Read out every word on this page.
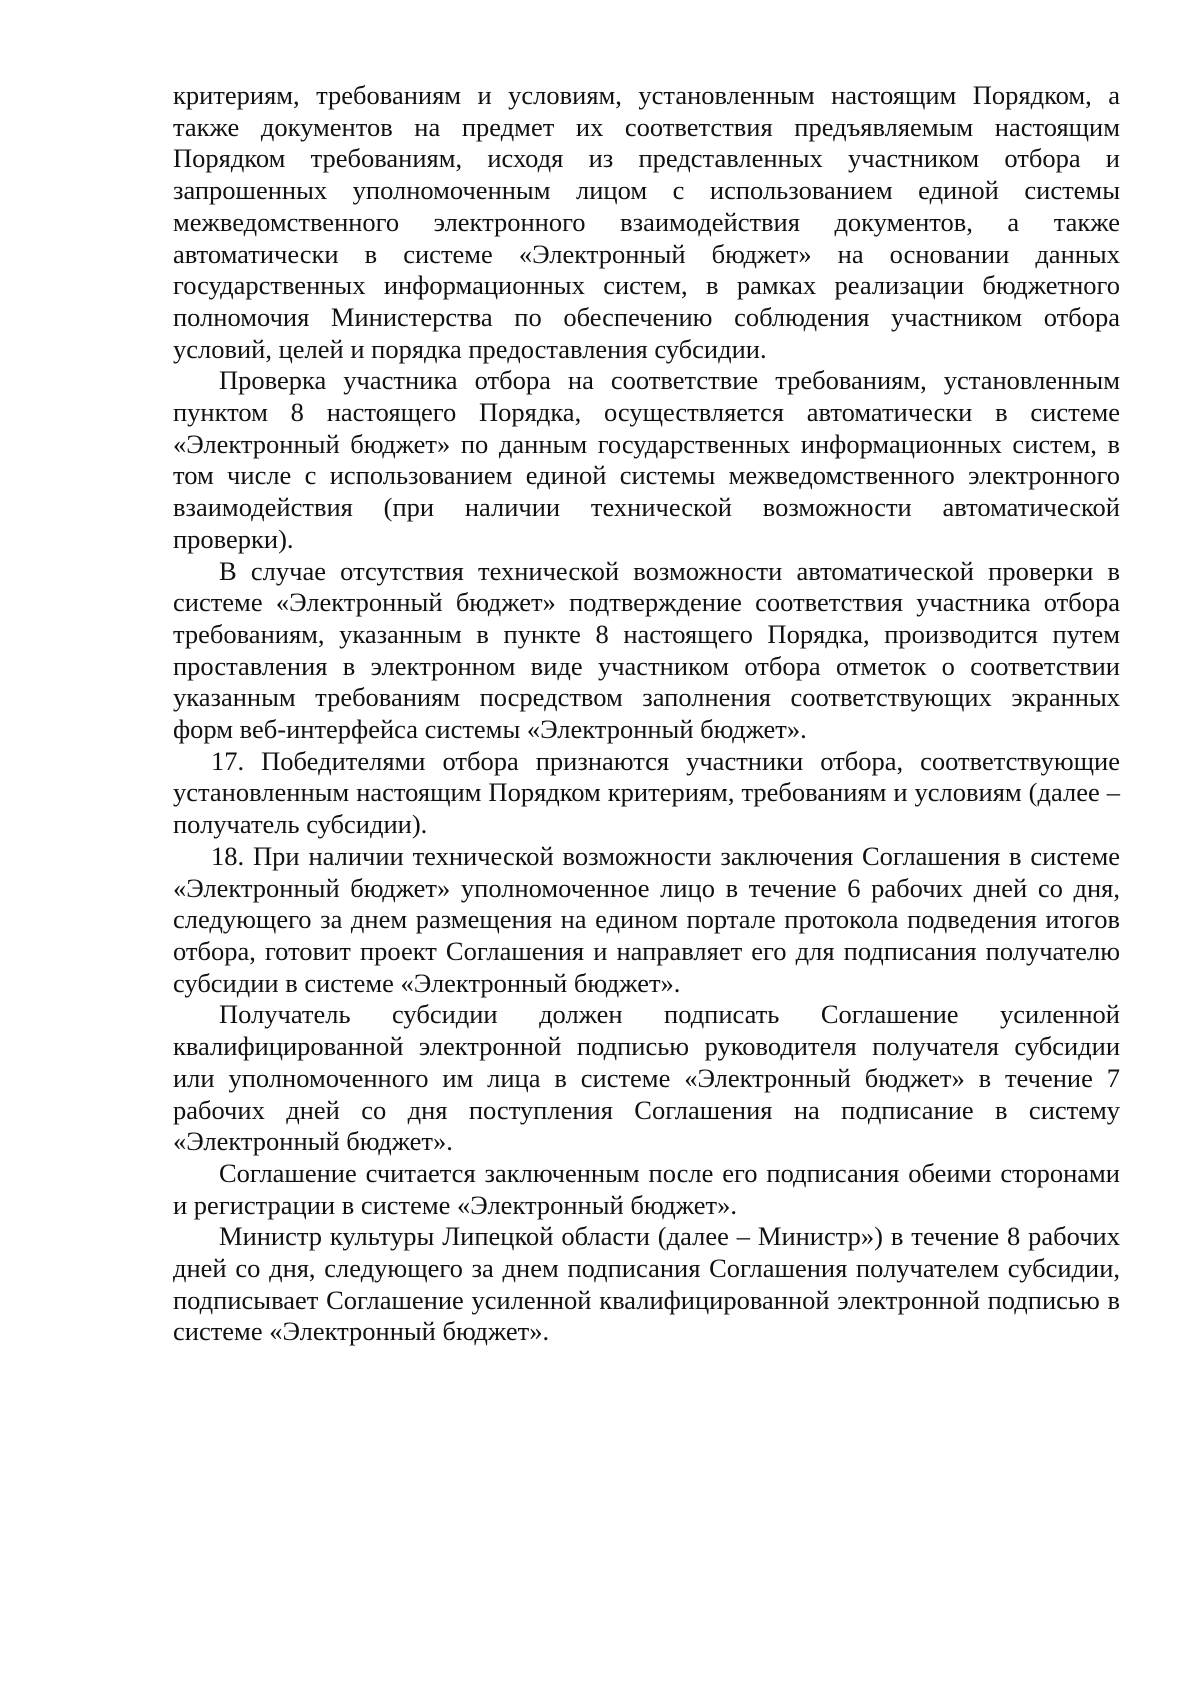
критериям, требованиям и условиям, установленным настоящим Порядком, а также документов на предмет их соответствия предъявляемым настоящим Порядком требованиям, исходя из представленных участником отбора и запрошенных уполномоченным лицом с использованием единой системы межведомственного электронного взаимодействия документов, а также автоматически в системе «Электронный бюджет» на основании данных государственных информационных систем, в рамках реализации бюджетного полномочия Министерства по обеспечению соблюдения участником отбора условий, целей и порядка предоставления субсидии.

Проверка участника отбора на соответствие требованиям, установленным пунктом 8 настоящего Порядка, осуществляется автоматически в системе «Электронный бюджет» по данным государственных информационных систем, в том числе с использованием единой системы межведомственного электронного взаимодействия (при наличии технической возможности автоматической проверки).

В случае отсутствия технической возможности автоматической проверки в системе «Электронный бюджет» подтверждение соответствия участника отбора требованиям, указанным в пункте 8 настоящего Порядка, производится путем проставления в электронном виде участником отбора отметок о соответствии указанным требованиям посредством заполнения соответствующих экранных форм веб-интерфейса системы «Электронный бюджет».

17. Победителями отбора признаются участники отбора, соответствующие установленным настоящим Порядком критериям, требованиям и условиям (далее – получатель субсидии).

18. При наличии технической возможности заключения Соглашения в системе «Электронный бюджет» уполномоченное лицо в течение 6 рабочих дней со дня, следующего за днем размещения на едином портале протокола подведения итогов отбора, готовит проект Соглашения и направляет его для подписания получателю субсидии в системе «Электронный бюджет».

Получатель субсидии должен подписать Соглашение усиленной квалифицированной электронной подписью руководителя получателя субсидии или уполномоченного им лица в системе «Электронный бюджет» в течение 7 рабочих дней со дня поступления Соглашения на подписание в систему «Электронный бюджет».

Соглашение считается заключенным после его подписания обеими сторонами и регистрации в системе «Электронный бюджет».

Министр культуры Липецкой области (далее – Министр») в течение 8 рабочих дней со дня, следующего за днем подписания Соглашения получателем субсидии, подписывает Соглашение усиленной квалифицированной электронной подписью в системе «Электронный бюджет».
